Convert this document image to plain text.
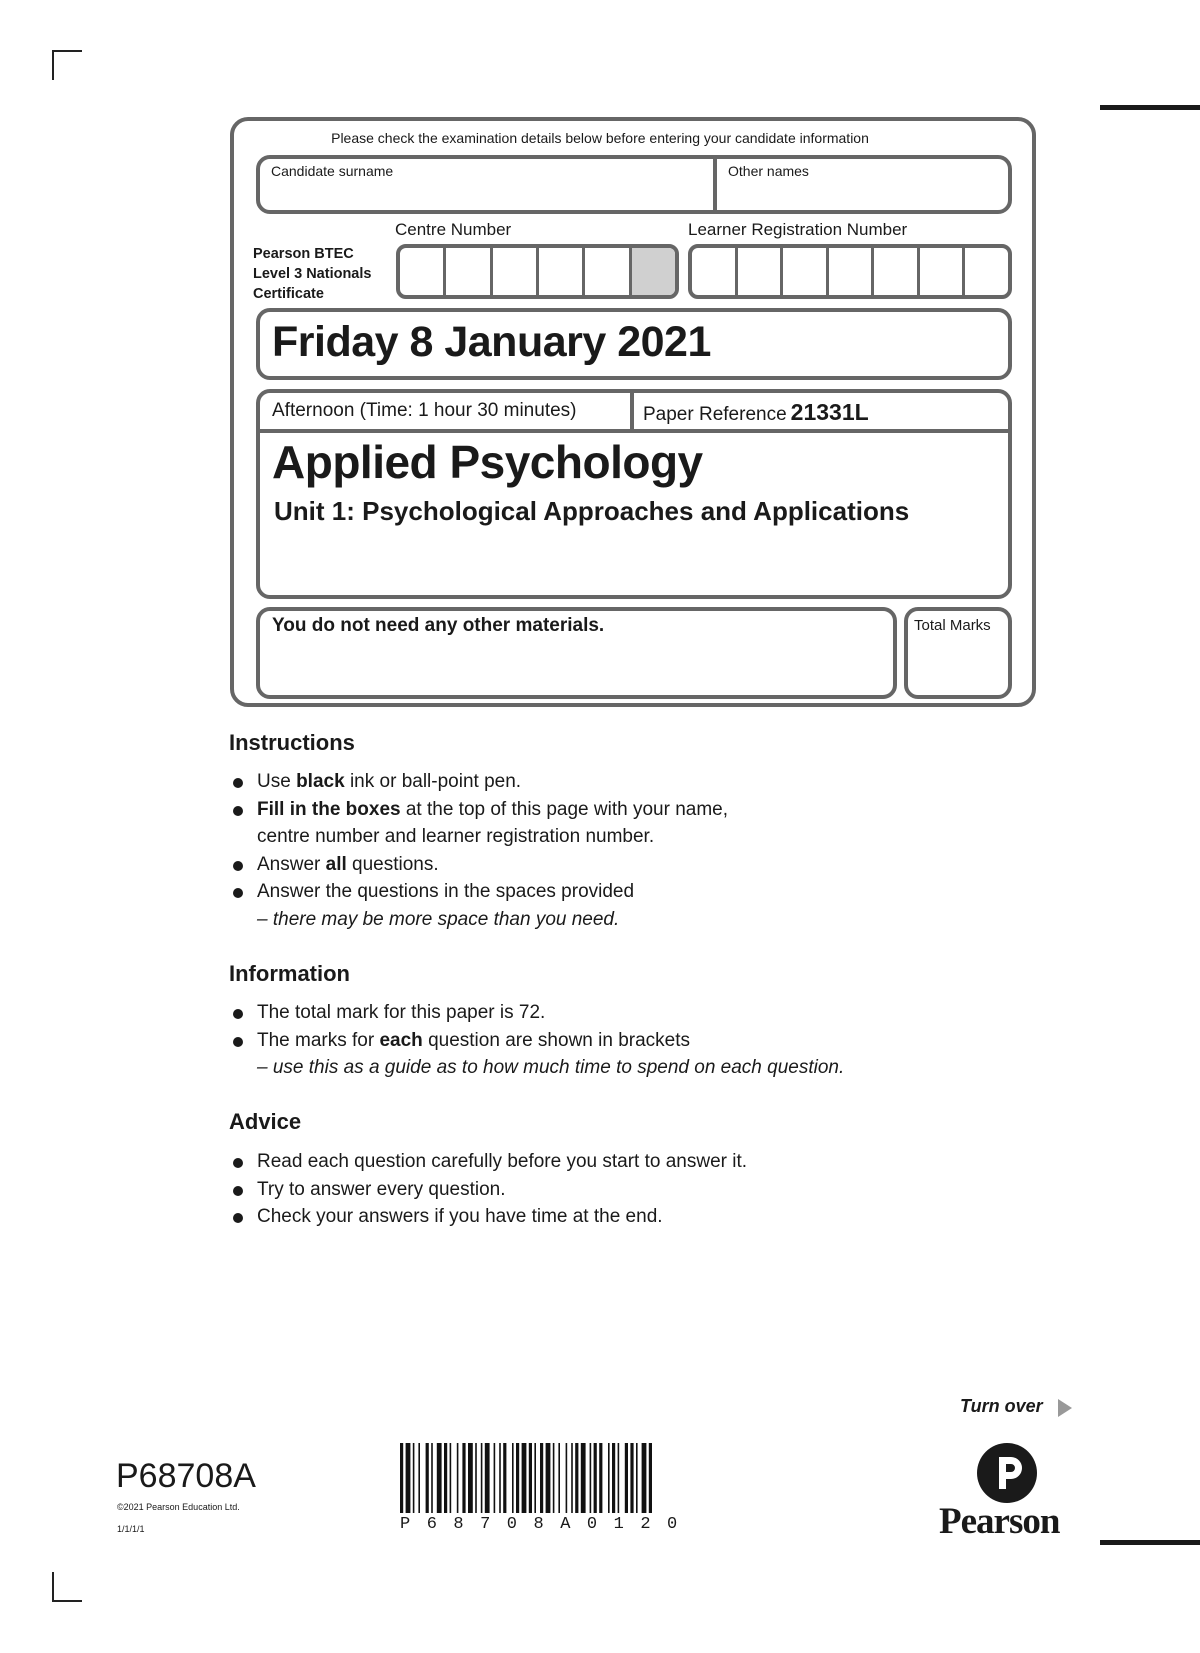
Please check the examination details below before entering your candidate information
Candidate surname	Other names
Centre Number	Learner Registration Number
Pearson BTEC
Level 3 Nationals
Certificate
Friday 8 January 2021
Afternoon (Time: 1 hour 30 minutes)	Paper Reference 21331L
Applied Psychology
Unit 1: Psychological Approaches and Applications
You do not need any other materials.	Total Marks
Instructions
Use black ink or ball-point pen.
Fill in the boxes at the top of this page with your name,
centre number and learner registration number.
Answer all questions.
Answer the questions in the spaces provided
– there may be more space than you need.
Information
The total mark for this paper is 72.
The marks for each question are shown in brackets
– use this as a guide as to how much time to spend on each question.
Advice
Read each question carefully before you start to answer it.
Try to answer every question.
Check your answers if you have time at the end.
Turn over
P68708A
©2021 Pearson Education Ltd.
1/1/1/1	P68708A0120	Pearson
